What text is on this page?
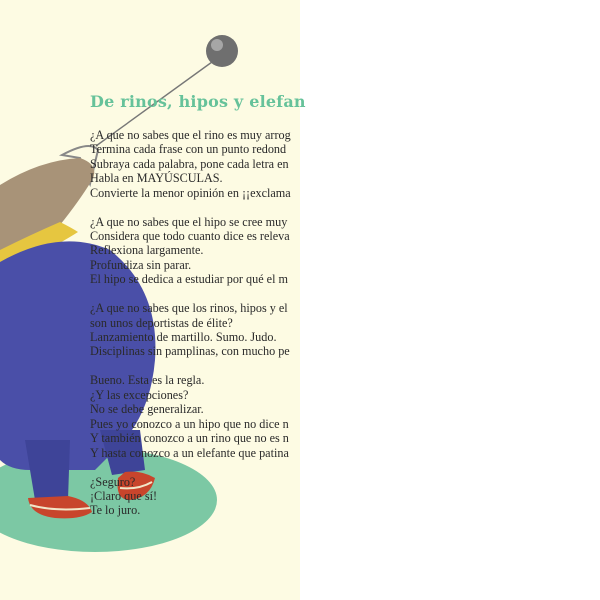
De rinos, hipos y elefan

¿A que no sabes que el rino es muy arrog
Termina cada frase con un punto redond
Subraya cada palabra, pone cada letra en
Habla en MAYÚSCULAS.
Convierte la menor opinión en ¡¡exclama

¿A que no sabes que el hipo se cree muy
Considera que todo cuanto dice es releva
Reflexiona largamente.
Profundiza sin parar.
El hipo se dedica a estudiar por qué el m

¿A que no sabes que los rinos, hipos y el
son unos deportistas de élite?
Lanzamiento de martillo. Sumo. Judo.
Disciplinas sin pamplinas, con mucho pe

Bueno. Esta es la regla.
¿Y las excepciones?
No se debe generalizar.
Pues yo conozco a un hipo que no dice n
Y también conozco a un rino que no es n
Y hasta conozco a un elefante que patina

¿Seguro?
¡Claro que sí!
Te lo juro.
